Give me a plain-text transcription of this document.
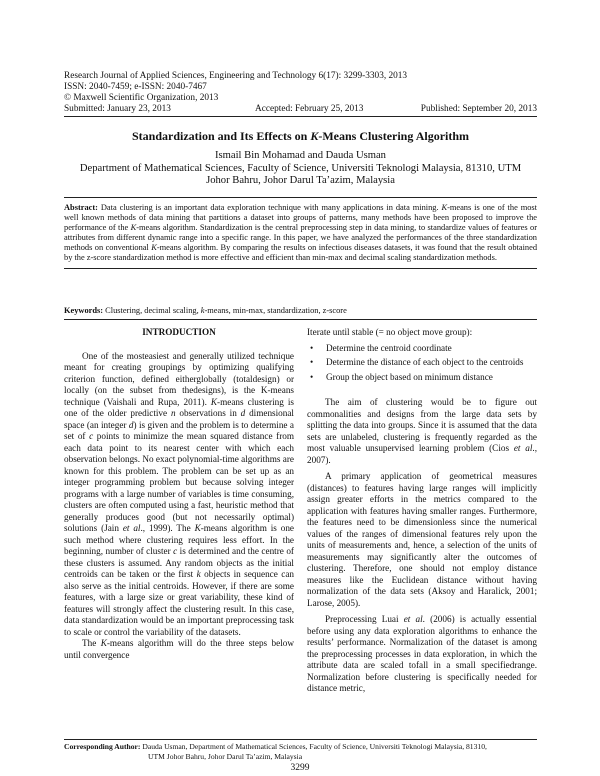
Research Journal of Applied Sciences, Engineering and Technology 6(17): 3299-3303, 2013
ISSN: 2040-7459; e-ISSN: 2040-7467
© Maxwell Scientific Organization, 2013
Submitted: January 23, 2013	Accepted: February 25, 2013	Published: September 20, 2013
Standardization and Its Effects on K-Means Clustering Algorithm
Ismail Bin Mohamad and Dauda Usman
Department of Mathematical Sciences, Faculty of Science, Universiti Teknologi Malaysia, 81310, UTM
Johor Bahru, Johor Darul Ta’azim, Malaysia
Abstract: Data clustering is an important data exploration technique with many applications in data mining. K-means is one of the most well known methods of data mining that partitions a dataset into groups of patterns, many methods have been proposed to improve the performance of the K-means algorithm. Standardization is the central preprocessing step in data mining, to standardize values of features or attributes from different dynamic range into a specific range. In this paper, we have analyzed the performances of the three standardization methods on conventional K-means algorithm. By comparing the results on infectious diseases datasets, it was found that the result obtained by the z-score standardization method is more effective and efficient than min-max and decimal scaling standardization methods.
Keywords: Clustering, decimal scaling, k-means, min-max, standardization, z-score
INTRODUCTION

One of the mosteasiest and generally utilized technique meant for creating groupings by optimizing qualifying criterion function, defined eitherglobally (totaldesign) or locally (on the subset from thedesigns), is the K-means technique (Vaishali and Rupa, 2011). K-means clustering is one of the older predictive n observations in d dimensional space (an integer d) is given and the problem is to determine a set of c points to minimize the mean squared distance from each data point to its nearest center with which each observation belongs. No exact polynomial-time algorithms are known for this problem. The problem can be set up as an integer programming problem but because solving integer programs with a large number of variables is time consuming, clusters are often computed using a fast, heuristic method that generally produces good (but not necessarily optimal) solutions (Jain et al., 1999). The K-means algorithm is one such method where clustering requires less effort. In the beginning, number of cluster c is determined and the centre of these clusters is assumed. Any random objects as the initial centroids can be taken or the first k objects in sequence can also serve as the initial centroids. However, if there are some features, with a large size or great variability, these kind of features will strongly affect the clustering result. In this case, data standardization would be an important preprocessing task to scale or control the variability of the datasets.

The K-means algorithm will do the three steps below until convergence

Iterate until stable (= no object move group):

• Determine the centroid coordinate
• Determine the distance of each object to the centroids
• Group the object based on minimum distance

The aim of clustering would be to figure out commonalities and designs from the large data sets by splitting the data into groups. Since it is assumed that the data sets are unlabeled, clustering is frequently regarded as the most valuable unsupervised learning problem (Cios et al., 2007).

A primary application of geometrical measures (distances) to features having large ranges will implicitly assign greater efforts in the metrics compared to the application with features having smaller ranges. Furthermore, the features need to be dimensionless since the numerical values of the ranges of dimensional features rely upon the units of measurements and, hence, a selection of the units of measurements may significantly alter the outcomes of clustering. Therefore, one should not employ distance measures like the Euclidean distance without having normalization of the data sets (Aksoy and Haralick, 2001; Larose, 2005).

Preprocessing Luai et al. (2006) is actually essential before using any data exploration algorithms to enhance the results’ performance. Normalization of the dataset is among the preprocessing processes in data exploration, in which the attribute data are scaled tofall in a small specifiedrange. Normalization before clustering is specifically needed for distance metric,

Corresponding Author: Dauda Usman, Department of Mathematical Sciences, Faculty of Science, Universiti Teknologi Malaysia, 81310,
UTM Johor Bahru, Johor Darul Ta’azim, Malaysia
3299
